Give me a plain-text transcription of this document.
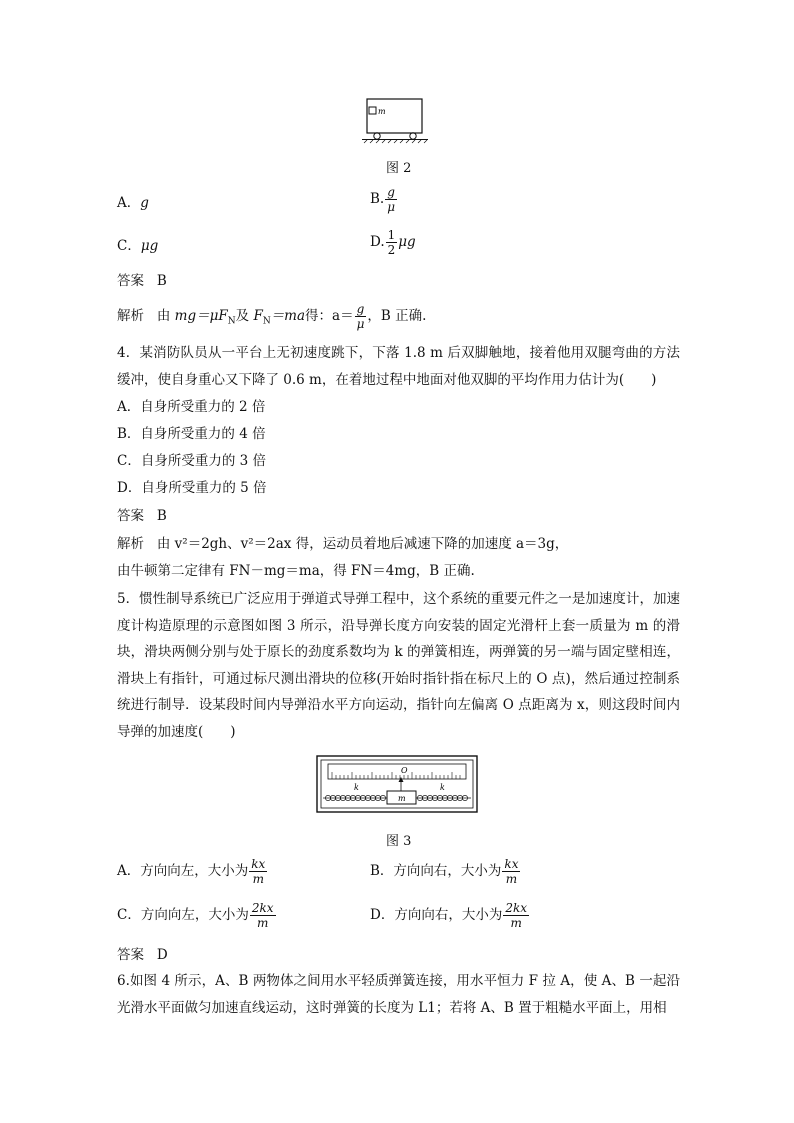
m
图 2
A．g	B. $\frac{g}{\mu}$
C．μg	D. $\frac{1}{2}$ μg
答案 B
解析 由 $mg=\mu F_N$及 $F_N=ma$得：$a= \frac{g}{\mu}$ ，B 正确.
4．某消防队员从一平台上无初速度跳下，下落 1.8 m 后双脚触地，接着他用双腿弯曲的方法缓冲，使自身重心又下降了 0.6 m，在着地过程中地面对他双脚的平均作用力估计为(　　)
A．自身所受重力的 2 倍
B．自身所受重力的 4 倍
C．自身所受重力的 3 倍
D．自身所受重力的 5 倍
答案 B
解析 由 v²＝2gh、v²＝2ax 得，运动员着地后减速下降的加速度 a＝3g，
由牛顿第二定律有 FN－mg＝ma，得 FN＝4mg，B 正确.
5．惯性制导系统已广泛应用于弹道式导弹工程中，这个系统的重要元件之一是加速度计，加速度计构造原理的示意图如图 3 所示，沿导弹长度方向安装的固定光滑杆上套一质量为 m 的滑块，滑块两侧分别与处于原长的劲度系数均为 k 的弹簧相连，两弹簧的另一端与固定壁相连，滑块上有指针，可通过标尺测出滑块的位移(开始时指针指在标尺上的 O 点)，然后通过控制系统进行制导．设某段时间内导弹沿水平方向运动，指针向左偏离 O 点距离为 x，则这段时间内导弹的加速度(　　)
O
k	k
m
图 3
A．方向向左，大小为 $\frac{kx}{m}$	B．方向向右，大小为 $\frac{kx}{m}$
C．方向向左，大小为 $\frac{2kx}{m}$	D．方向向右，大小为 $\frac{2kx}{m}$
答案 D
6.如图 4 所示，A、B 两物体之间用水平轻质弹簧连接，用水平恒力 F 拉 A，使 A、B 一起沿光滑水平面做匀加速直线运动，这时弹簧的长度为 L1；若将 A、B 置于粗糙水平面上，用相
